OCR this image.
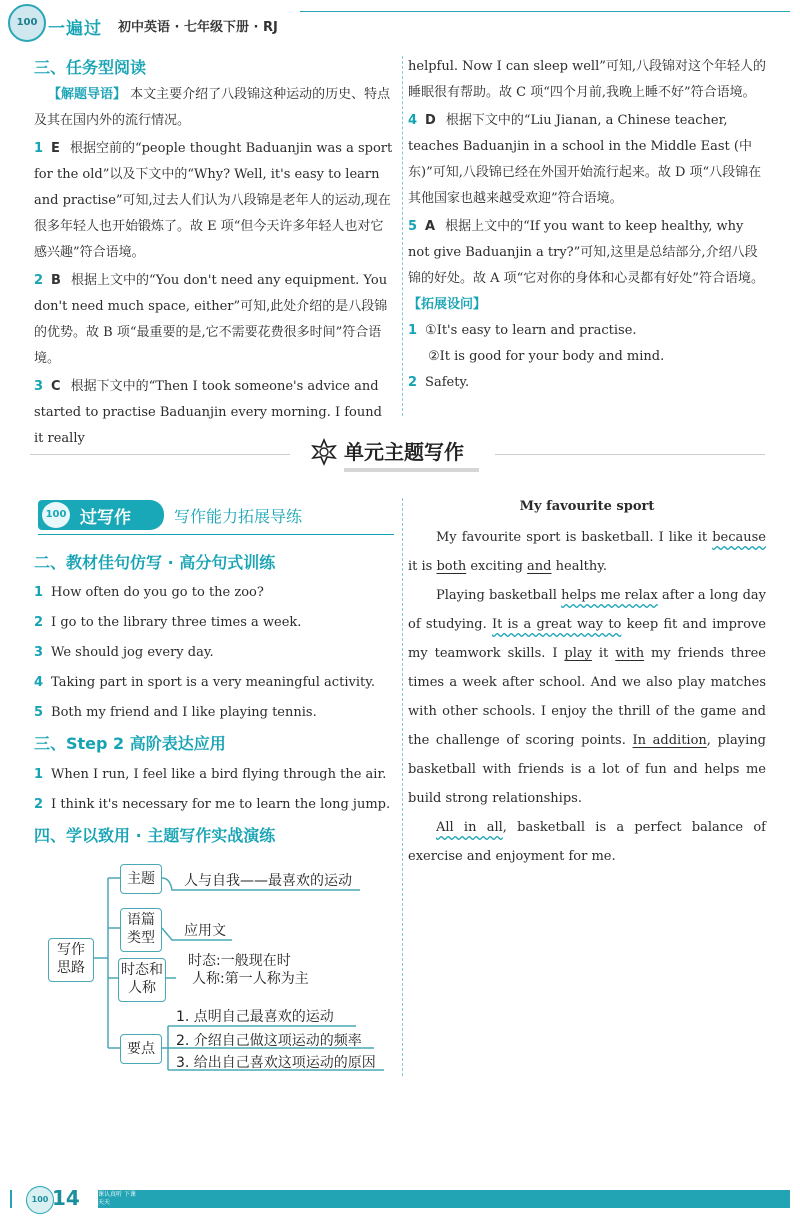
100 一遍过 初中英语 · 七年级下册 · RJ

三、任务型阅读

【解题导语】 本文主要介绍了八段锦这种运动的历史、特点及其在国内外的流行情况。

1 E 根据空前的“people thought Baduanjin was a sport for the old”以及下文中的“Why? Well, it's easy to learn and practise”可知,过去人们认为八段锦是老年人的运动,现在很多年轻人也开始锻炼了。故 E 项“但今天许多年轻人也对它感兴趣”符合语境。

2 B 根据上文中的“You don't need any equipment. You don't need much space, either”可知,此处介绍的是八段锦的优势。故 B 项“最重要的是,它不需要花费很多时间”符合语境。

3 C 根据下文中的“Then I took someone's advice and started to practise Baduanjin every morning. I found it really

helpful. Now I can sleep well”可知,八段锦对这个年轻人的睡眠很有帮助。故 C 项“四个月前,我晚上睡不好”符合语境。

4 D 根据下文中的“Liu Jianan, a Chinese teacher, teaches Baduanjin in a school in the Middle East (中东)”可知,八段锦已经在外国开始流行起来。故 D 项“八段锦在其他国家也越来越受欢迎”符合语境。

5 A 根据上文中的“If you want to keep healthy, why not give Baduanjin a try?”可知,这里是总结部分,介绍八段锦的好处。故 A 项“它对你的身体和心灵都有好处”符合语境。

【拓展设问】

1 ①It's easy to learn and practise.

②It is good for your body and mind.

2 Safety.

单元主题写作
100 过写作	写作能力拓展导练

二、教材佳句仿写 · 高分句式训练

1 How often do you go to the zoo?

2 I go to the library three times a week.

3 We should jog every day.

4 Taking part in sport is a very meaningful activity.

5 Both my friend and I like playing tennis.

三、Step 2 高阶表达应用

1 When I run, I feel like a bird flying through the air.

2 I think it's necessary for me to learn the long jump.

四、学以致用 · 主题写作实战演练

写作
思路
主题	人与自我——最喜欢的运动
语篇
类型	应用文
时态和
人称
时态:一般现在时
人称:第一人称为主
要点
1. 点明自己最喜欢的运动
2. 介绍自己做这项运动的频率
3. 给出自己喜欢这项运动的原因

My favourite sport

My favourite sport is basketball. I like it because it is both exciting and healthy.

Playing basketball helps me relax after a long day of studying. It is a great way to keep fit and improve my teamwork skills. I play it with my friends three times a week after school. And we also play matches with other schools. I enjoy the thrill of the game and the challenge of scoring points. In addition, playing basketball with friends is a lot of fun and helps me build strong relationships.

All in all, basketball is a perfect balance of exercise and enjoyment for me.

100 14 上课认真听 下课练天天
